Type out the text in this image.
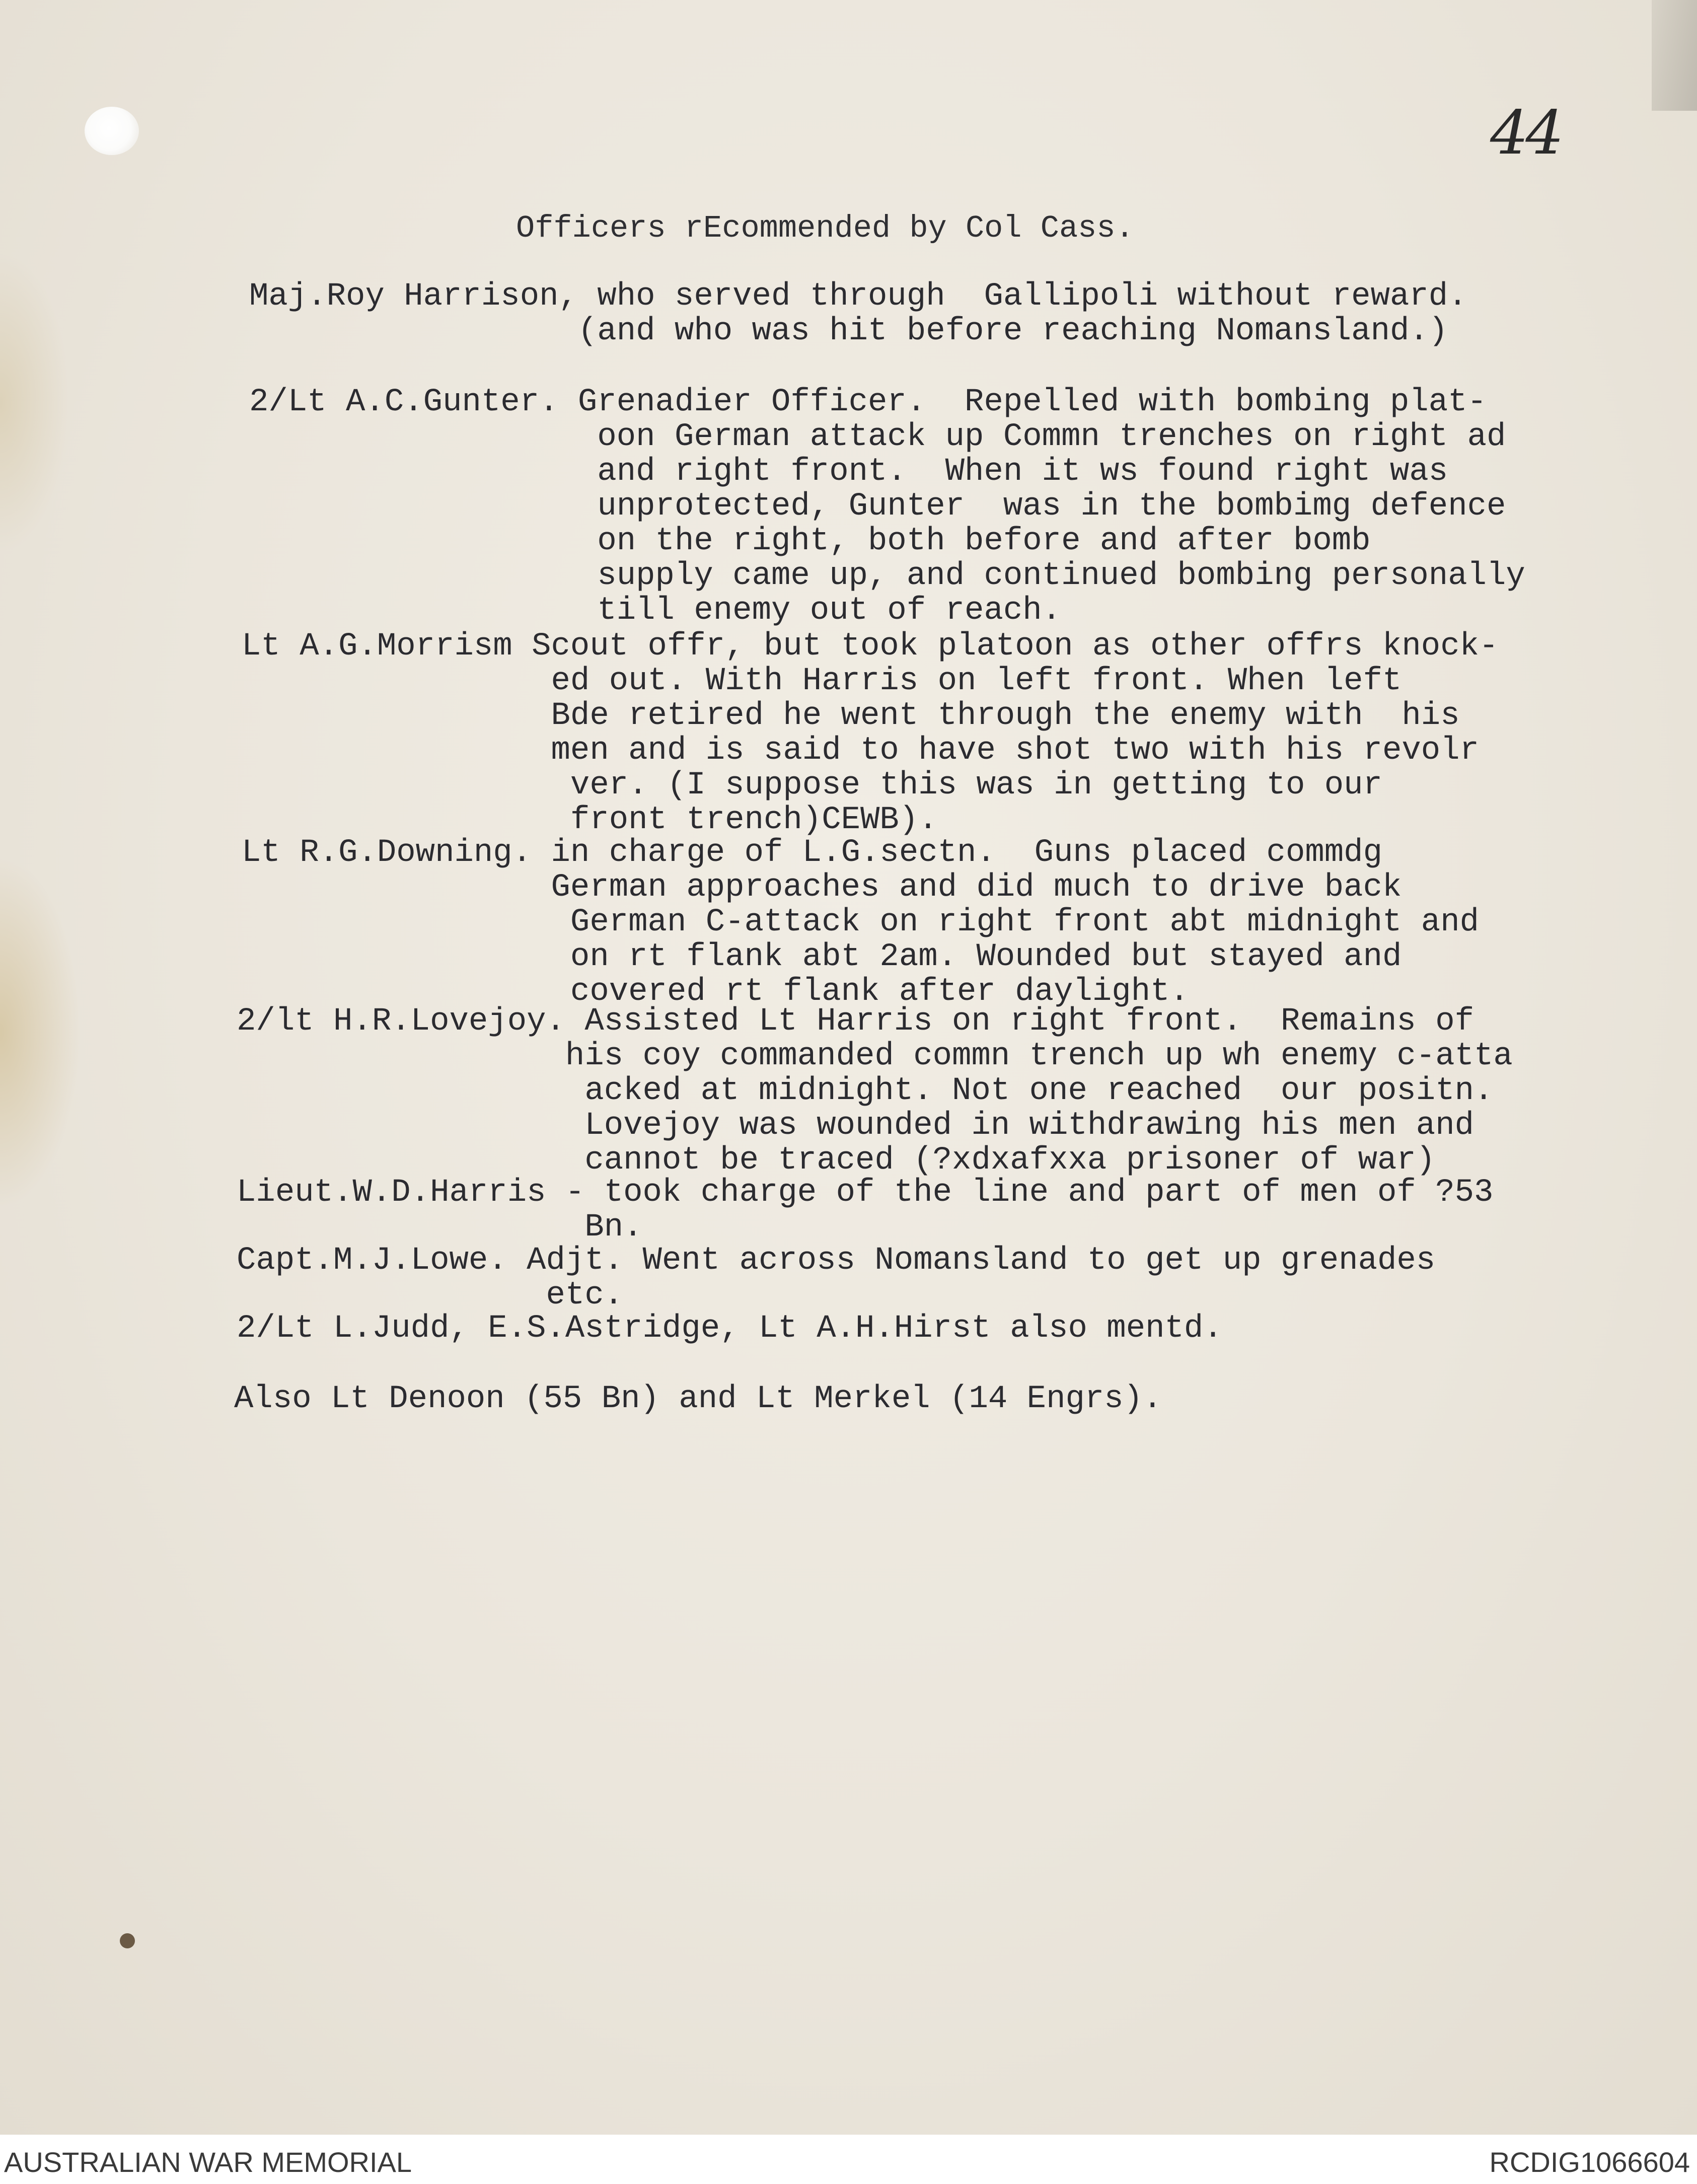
44
Officers rEcommended by Col Cass.
Maj.Roy Harrison, who served through  Gallipoli without reward.
(and who was hit before reaching Nomansland.)
2/Lt A.C.Gunter. Grenadier Officer.  Repelled with bombing plat-
oon German attack up Commn trenches on right ad
and right front.  When it ws found right was
unprotected, Gunter  was in the bombimg defence
on the right, both before and after bomb
supply came up, and continued bombing personally
till enemy out of reach.
Lt A.G.Morrism Scout offr, but took platoon as other offrs knock-
ed out. With Harris on left front. When left
Bde retired he went through the enemy with  his
men and is said to have shot two with his revolr
ver. (I suppose this was in getting to our
front trench)CEWB).
Lt R.G.Downing. in charge of L.G.sectn.  Guns placed commdg
German approaches and did much to drive back
German C-attack on right front abt midnight and
on rt flank abt 2am. Wounded but stayed and
covered rt flank after daylight.
2/lt H.R.Lovejoy. Assisted Lt Harris on right front.  Remains of
his coy commanded commn trench up wh enemy c-atta
acked at midnight. Not one reached  our positn.
Lovejoy was wounded in withdrawing his men and
cannot be traced (?xdxafxxa prisoner of war)
Lieut.W.D.Harris - took charge of the line and part of men of ?53
Bn.
Capt.M.J.Lowe. Adjt. Went across Nomansland to get up grenades
etc.
2/Lt L.Judd, E.S.Astridge, Lt A.H.Hirst also mentd.
Also Lt Denoon (55 Bn) and Lt Merkel (14 Engrs).
AUSTRALIAN WAR MEMORIAL	RCDIG1066604
